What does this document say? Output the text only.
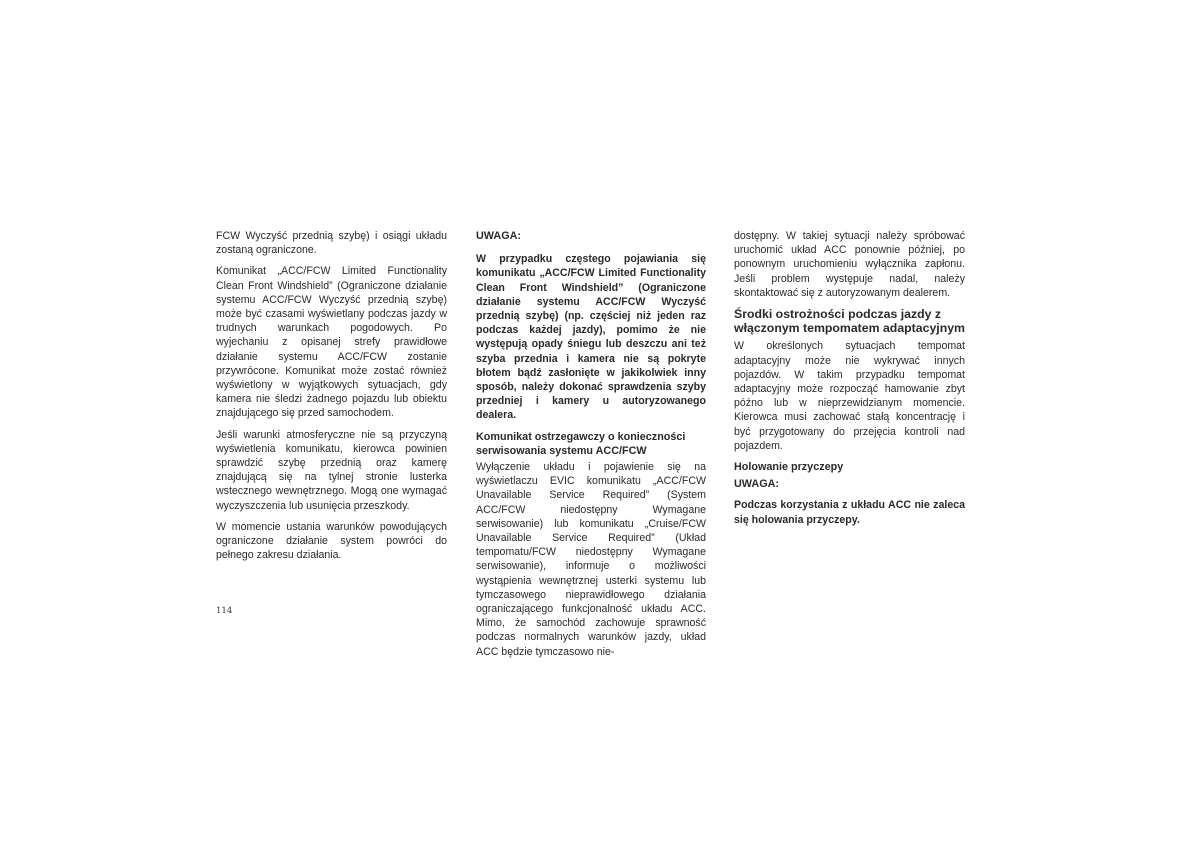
FCW Wyczyść przednią szybę) i osiągi układu zostaną ograniczone.

Komunikat „ACC/FCW Limited Functionality Clean Front Windshield” (Ograniczone działanie systemu ACC/FCW Wyczyść przednią szybę) może być czasami wyświetlany podczas jazdy w trudnych warunkach pogodowych. Po wyjechaniu z opisanej strefy prawidłowe działanie systemu ACC/FCW zostanie przywrócone. Komunikat może zostać również wyświetlony w wyjątkowych sytuacjach, gdy kamera nie śledzi żadnego pojazdu lub obiektu znajdującego się przed samochodem.

Jeśli warunki atmosferyczne nie są przyczyną wyświetlenia komunikatu, kierowca powinien sprawdzić szybę przednią oraz kamerę znajdującą się na tylnej stronie lusterka wstecznego wewnętrznego. Mogą one wymagać wyczyszczenia lub usunięcia przeszkody.

W momencie ustania warunków powodujących ograniczone działanie system powróci do pełnego zakresu działania.

UWAGA:

W przypadku częstego pojawiania się komunikatu „ACC/FCW Limited Functionality Clean Front Windshield” (Ograniczone działanie systemu ACC/FCW Wyczyść przednią szybę) (np. częściej niż jeden raz podczas każdej jazdy), pomimo że nie występują opady śniegu lub deszczu ani też szyba przednia i kamera nie są pokryte błotem bądź zasłonięte w jakikolwiek inny sposób, należy dokonać sprawdzenia szyby przedniej i kamery u autoryzowanego dealera.

Komunikat ostrzegawczy o konieczności serwisowania systemu ACC/FCW

Wyłączenie układu i pojawienie się na wyświetlaczu EVIC komunikatu „ACC/FCW Unavailable Service Required” (System ACC/FCW niedostępny Wymagane serwisowanie) lub komunikatu „Cruise/FCW Unavailable Service Required” (Układ tempomatu/FCW niedostępny Wymagane serwisowanie), informuje o możliwości wystąpienia wewnętrznej usterki systemu lub tymczasowego nieprawidłowego działania ograniczającego funkcjonalność układu ACC. Mimo, że samochód zachowuje sprawność podczas normalnych warunków jazdy, układ ACC będzie tymczasowo nie-

dostępny. W takiej sytuacji należy spróbować uruchomić układ ACC ponownie później, po ponownym uruchomieniu wyłącznika zapłonu. Jeśli problem występuje nadal, należy skontaktować się z autoryzowanym dealerem.

Środki ostrożności podczas jazdy z włączonym tempomatem adaptacyjnym

W określonych sytuacjach tempomat adaptacyjny może nie wykrywać innych pojazdów. W takim przypadku tempomat adaptacyjny może rozpocząć hamowanie zbyt późno lub w nieprzewidzianym momencie. Kierowca musi zachować stałą koncentrację i być przygotowany do przejęcia kontroli nad pojazdem.

Holowanie przyczepy
UWAGA:

Podczas korzystania z układu ACC nie zaleca się holowania przyczepy.

114
